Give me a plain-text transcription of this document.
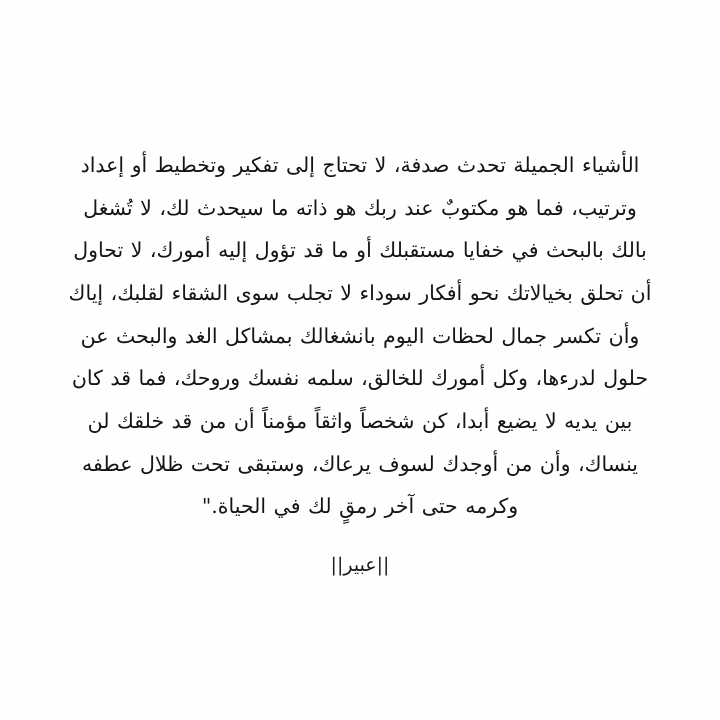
الأشياء الجميلة تحدث صدفة، لا تحتاج إلى تفكير وتخطيط أو إعداد وترتيب، فما هو مكتوبٌ عند ربك هو ذاته ما سيحدث لك، لا تُشغل بالك بالبحث في خفايا مستقبلك أو ما قد تؤول إليه أمورك، لا تحاول أن تحلق بخيالاتك نحو أفكار سوداء لا تجلب سوى الشقاء لقلبك، إياك وأن تكسر جمال لحظات اليوم بانشغالك بمشاكل الغد والبحث عن حلول لدرءها، وكل أمورك للخالق، سلمه نفسك وروحك، فما قد كان بين يديه لا يضيع أبدا، كن شخصاً واثقاً مؤمناً أن من قد خلقك لن ينساك، وأن من أوجدك لسوف يرعاك، وستبقى تحت ظلال عطفه وكرمه حتى آخر رمقٍ لك في الحياة."

||عبير||
